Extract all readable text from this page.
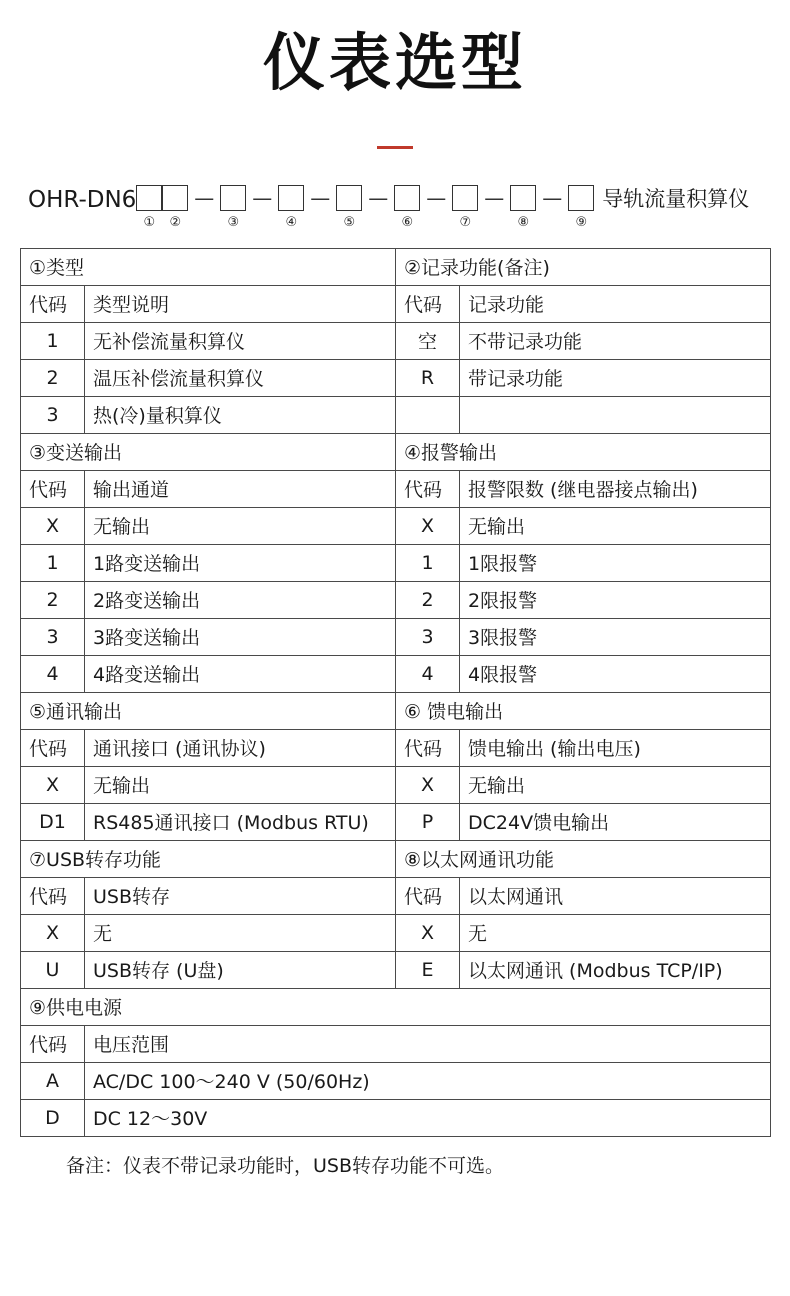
仪表选型
OHR-DN6
① ②
—
③
—
④
—
⑤
—
⑥
—
⑦
—
⑧
—
⑨
导轨流量积算仪
①类型		②记录功能(备注)	
代码	类型说明	代码	记录功能
1	无补偿流量积算仪	空	不带记录功能
2	温压补偿流量积算仪	R	带记录功能
3	热(冷)量积算仪		
③变送输出		④报警输出	
代码	输出通道	代码	报警限数 (继电器接点输出)
X	无输出	X	无输出
1	1路变送输出	1	1限报警
2	2路变送输出	2	2限报警
3	3路变送输出	3	3限报警
4	4路变送输出	4	4限报警
⑤通讯输出		⑥ 馈电输出	
代码	通讯接口 (通讯协议)	代码	馈电输出 (输出电压)
X	无输出	X	无输出
D1	RS485通讯接口 (Modbus RTU)	P	DC24V馈电输出
⑦USB转存功能		⑧以太网通讯功能	
代码	USB转存	代码	以太网通讯
X	无	X	无
U	USB转存 (U盘)	E	以太网通讯 (Modbus TCP/IP)
⑨供电电源			
代码	电压范围		
A	AC/DC 100～240 V (50/60Hz)		
D	DC 12～30V		
备注：仪表不带记录功能时，USB转存功能不可选。
